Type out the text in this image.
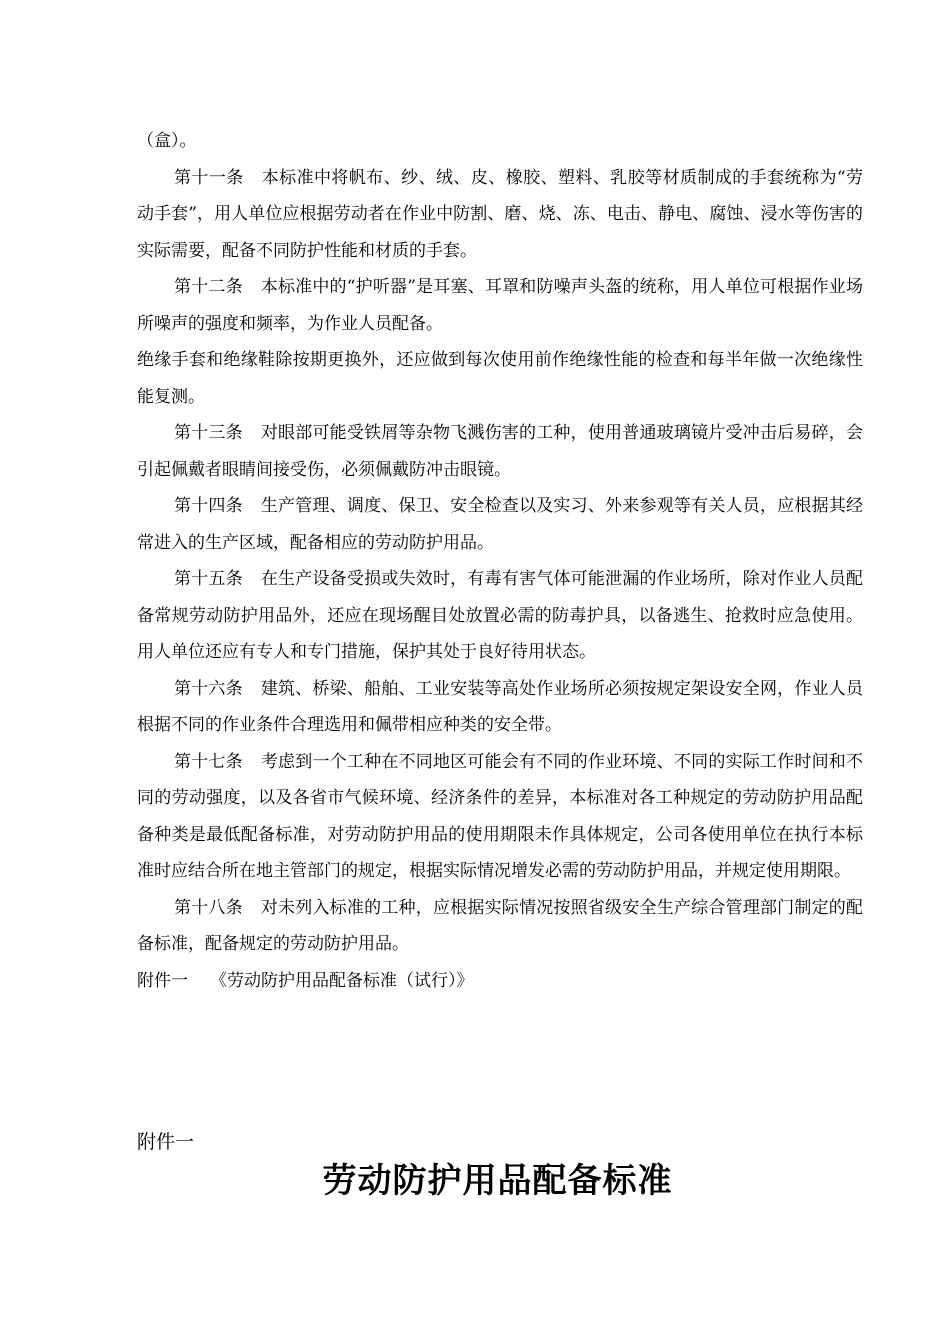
（盒）。

第十一条 本标准中将帆布、纱、绒、皮、橡胶、塑料、乳胶等材质制成的手套统称为“劳动手套”，用人单位应根据劳动者在作业中防割、磨、烧、冻、电击、静电、腐蚀、浸水等伤害的实际需要，配备不同防护性能和材质的手套。

第十二条 本标准中的“护听器”是耳塞、耳罩和防噪声头盔的统称，用人单位可根据作业场所噪声的强度和频率，为作业人员配备。

绝缘手套和绝缘鞋除按期更换外，还应做到每次使用前作绝缘性能的检查和每半年做一次绝缘性能复测。

第十三条 对眼部可能受铁屑等杂物飞溅伤害的工种，使用普通玻璃镜片受冲击后易碎，会引起佩戴者眼睛间接受伤，必须佩戴防冲击眼镜。

第十四条 生产管理、调度、保卫、安全检查以及实习、外来参观等有关人员，应根据其经常进入的生产区域，配备相应的劳动防护用品。

第十五条 在生产设备受损或失效时，有毒有害气体可能泄漏的作业场所，除对作业人员配备常规劳动防护用品外，还应在现场醒目处放置必需的防毒护具，以备逃生、抢救时应急使用。用人单位还应有专人和专门措施，保护其处于良好待用状态。

第十六条 建筑、桥梁、船舶、工业安装等高处作业场所必须按规定架设安全网，作业人员根据不同的作业条件合理选用和佩带相应种类的安全带。

第十七条 考虑到一个工种在不同地区可能会有不同的作业环境、不同的实际工作时间和不同的劳动强度，以及各省市气候环境、经济条件的差异，本标准对各工种规定的劳动防护用品配备种类是最低配备标准，对劳动防护用品的使用期限未作具体规定，公司各使用单位在执行本标准时应结合所在地主管部门的规定，根据实际情况增发必需的劳动防护用品，并规定使用期限。

第十八条 对未列入标准的工种，应根据实际情况按照省级安全生产综合管理部门制定的配备标准，配备规定的劳动防护用品。

附件一 《劳动防护用品配备标准（试行）》

附件一
劳动防护用品配备标准
